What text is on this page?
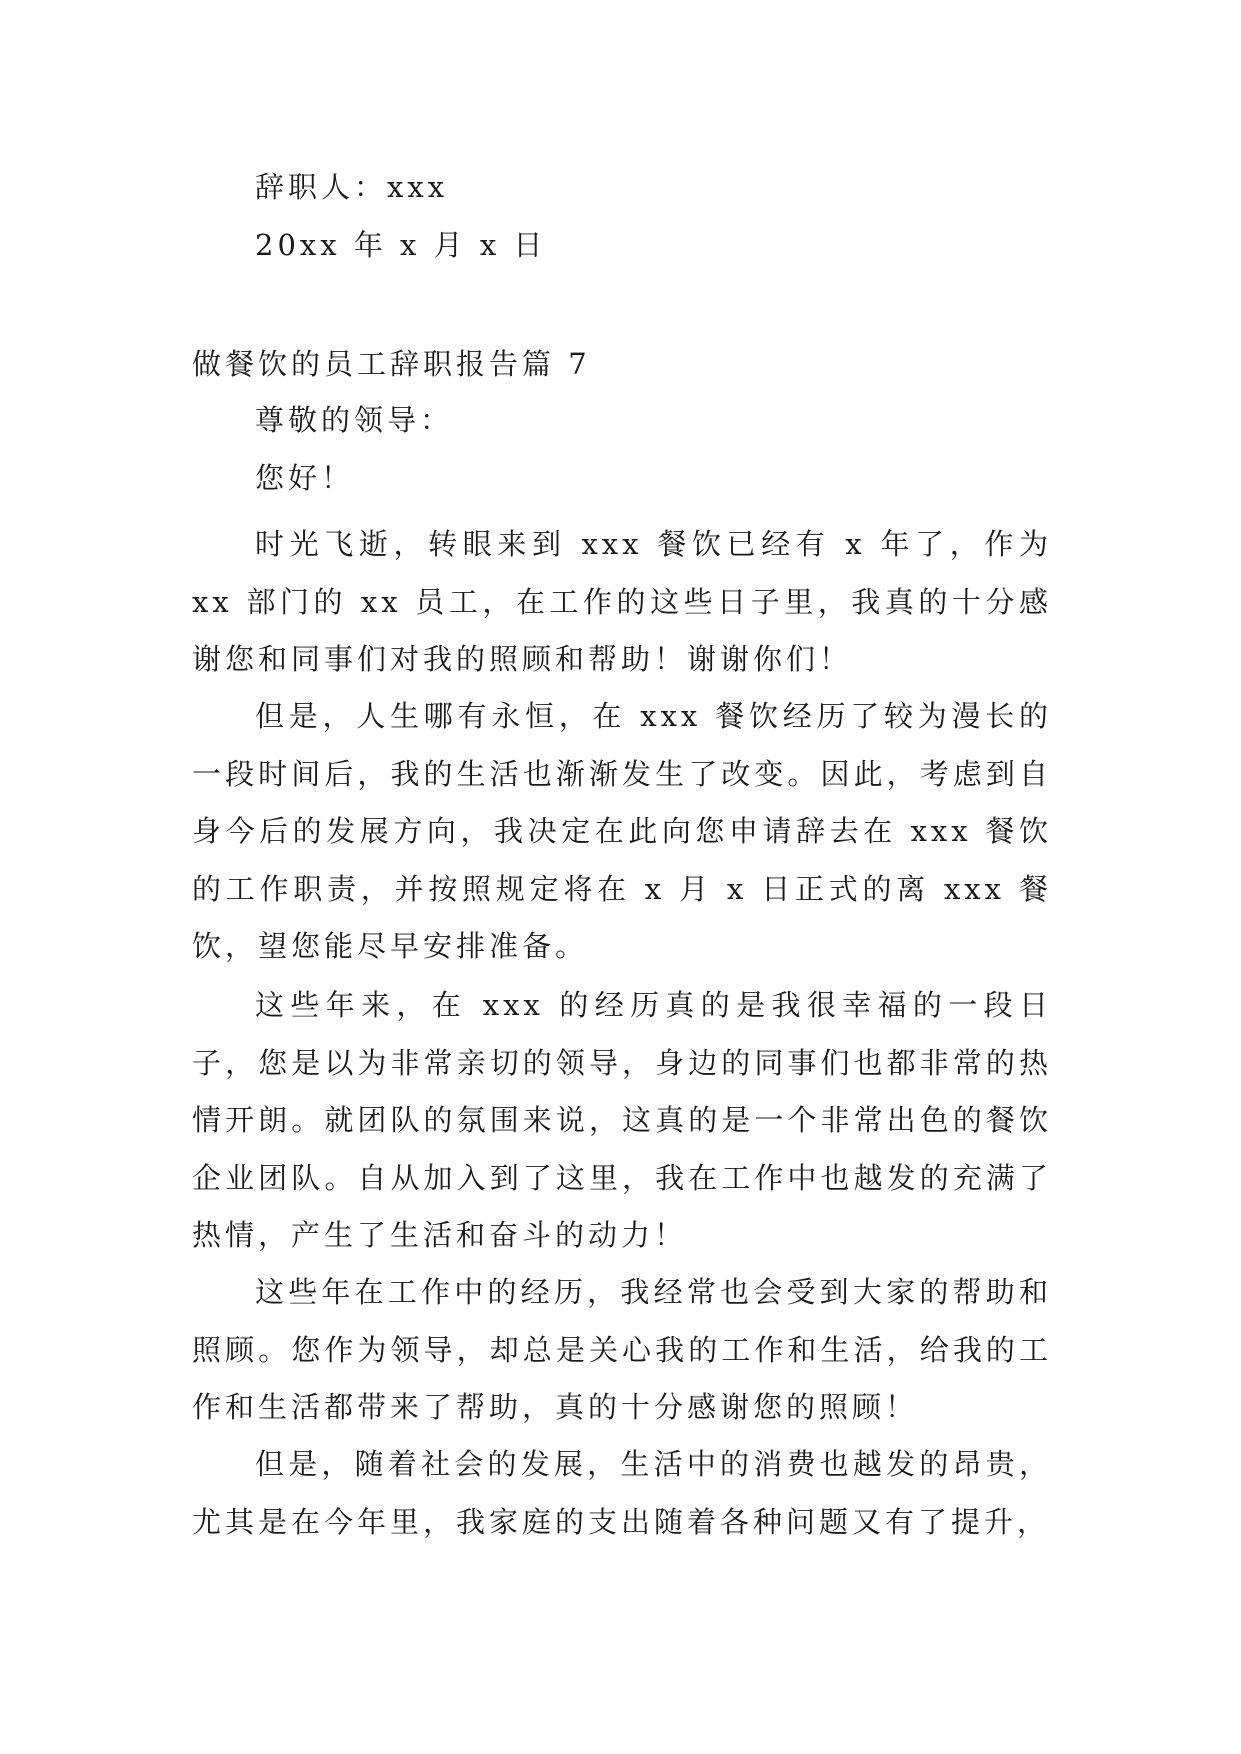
辞职人：xxx
20xx 年 x 月 x 日
做餐饮的员工辞职报告篇 7
尊敬的领导：
您好！

时光飞逝，转眼来到 xxx 餐饮已经有 x 年了，作为 xx 部门的 xx 员工，在工作的这些日子里，我真的十分感谢您和同事们对我的照顾和帮助！谢谢你们！

但是，人生哪有永恒，在 xxx 餐饮经历了较为漫长的一段时间后，我的生活也渐渐发生了改变。因此，考虑到自身今后的发展方向，我决定在此向您申请辞去在 xxx 餐饮的工作职责，并按照规定将在 x 月 x 日正式的离 xxx 餐饮，望您能尽早安排准备。

这些年来，在 xxx 的经历真的是我很幸福的一段日子，您是以为非常亲切的领导，身边的同事们也都非常的热情开朗。就团队的氛围来说，这真的是一个非常出色的餐饮企业团队。自从加入到了这里，我在工作中也越发的充满了热情，产生了生活和奋斗的动力！

这些年在工作中的经历，我经常也会受到大家的帮助和照顾。您作为领导，却总是关心我的工作和生活，给我的工作和生活都带来了帮助，真的十分感谢您的照顾！

但是，随着社会的发展，生活中的消费也越发的昂贵，尤其是在今年里，我家庭的支出随着各种问题又有了提升，
